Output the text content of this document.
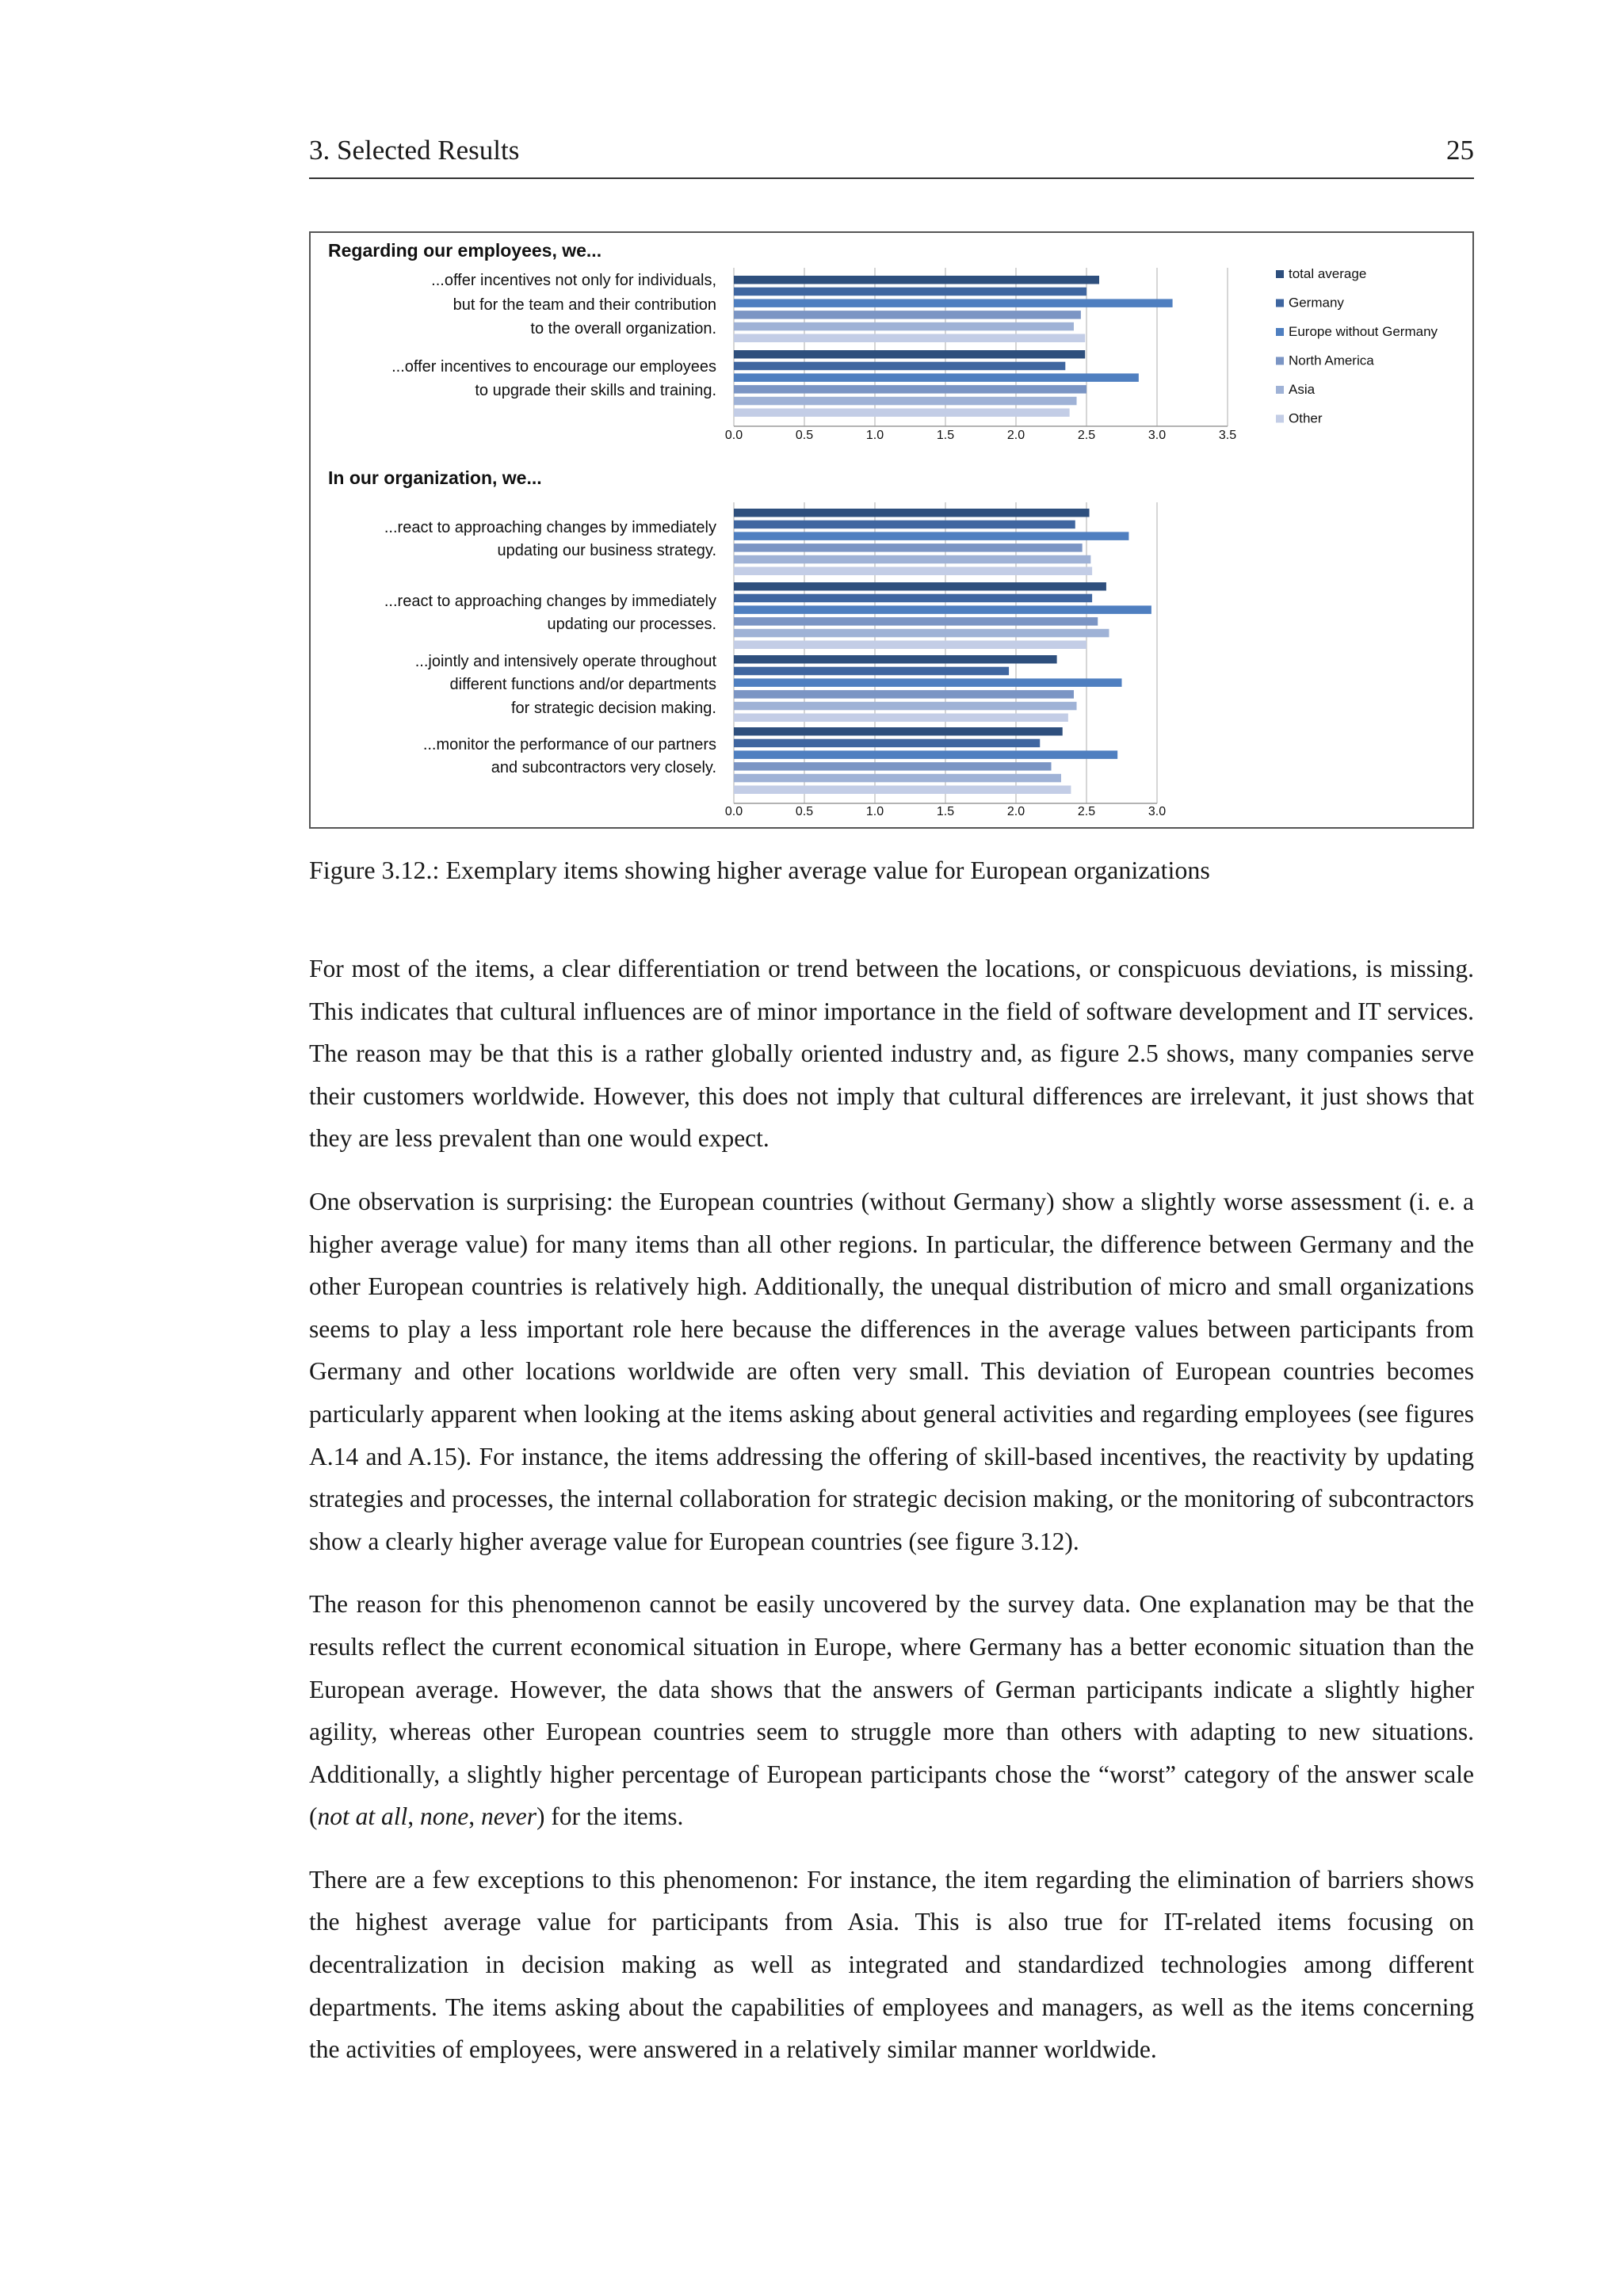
3. Selected Results	25
Regarding our employees, we...
0.0	0.5	1.0	1.5	2.0	2.5	3.0	3.5
...offer incentives not only for individuals,
but for the team and their contribution
to the overall organization.
...offer incentives to encourage our employees
to upgrade their skills and training.
In our organization, we...
0.0	0.5	1.0	1.5	2.0	2.5	3.0
...react to approaching changes by immediately
updating our business strategy.
...react to approaching changes by immediately
updating our processes.
...jointly and intensively operate throughout
different functions and/or departments
for strategic decision making.
...monitor the performance of our partners
and subcontractors very closely.
total average
Germany
Europe without Germany
North America
Asia
Other
Figure 3.12.: Exemplary items showing higher average value for European organizations

For most of the items, a clear differentiation or trend between the locations, or conspicuous deviations, is missing. This indicates that cultural influences are of minor importance in the field of software development and IT services. The reason may be that this is a rather globally oriented industry and, as figure 2.5 shows, many companies serve their customers worldwide. However, this does not imply that cultural differences are irrelevant, it just shows that they are less prevalent than one would expect.

One observation is surprising: the European countries (without Germany) show a slightly worse assessment (i. e. a higher average value) for many items than all other regions. In particular, the difference between Germany and the other European countries is relatively high. Additionally, the unequal distribution of micro and small organizations seems to play a less important role here because the differences in the average values between participants from Germany and other locations worldwide are often very small. This deviation of European countries becomes particularly apparent when looking at the items asking about general activities and regarding employees (see figures A.14 and A.15). For instance, the items addressing the offering of skill-based incentives, the reactivity by updating strategies and processes, the internal collaboration for strategic decision making, or the monitoring of subcontractors show a clearly higher average value for European countries (see figure 3.12).

The reason for this phenomenon cannot be easily uncovered by the survey data. One explanation may be that the results reflect the current economical situation in Europe, where Germany has a better economic situation than the European average. However, the data shows that the answers of German participants indicate a slightly higher agility, whereas other European countries seem to struggle more than others with adapting to new situations. Additionally, a slightly higher percentage of European participants chose the “worst” category of the answer scale (not at all, none, never) for the items.

There are a few exceptions to this phenomenon: For instance, the item regarding the elimination of barriers shows the highest average value for participants from Asia. This is also true for IT-related items focusing on decentralization in decision making as well as integrated and standardized technologies among different departments. The items asking about the capabilities of employees and managers, as well as the items concerning the activities of employees, were answered in a relatively similar manner worldwide.
